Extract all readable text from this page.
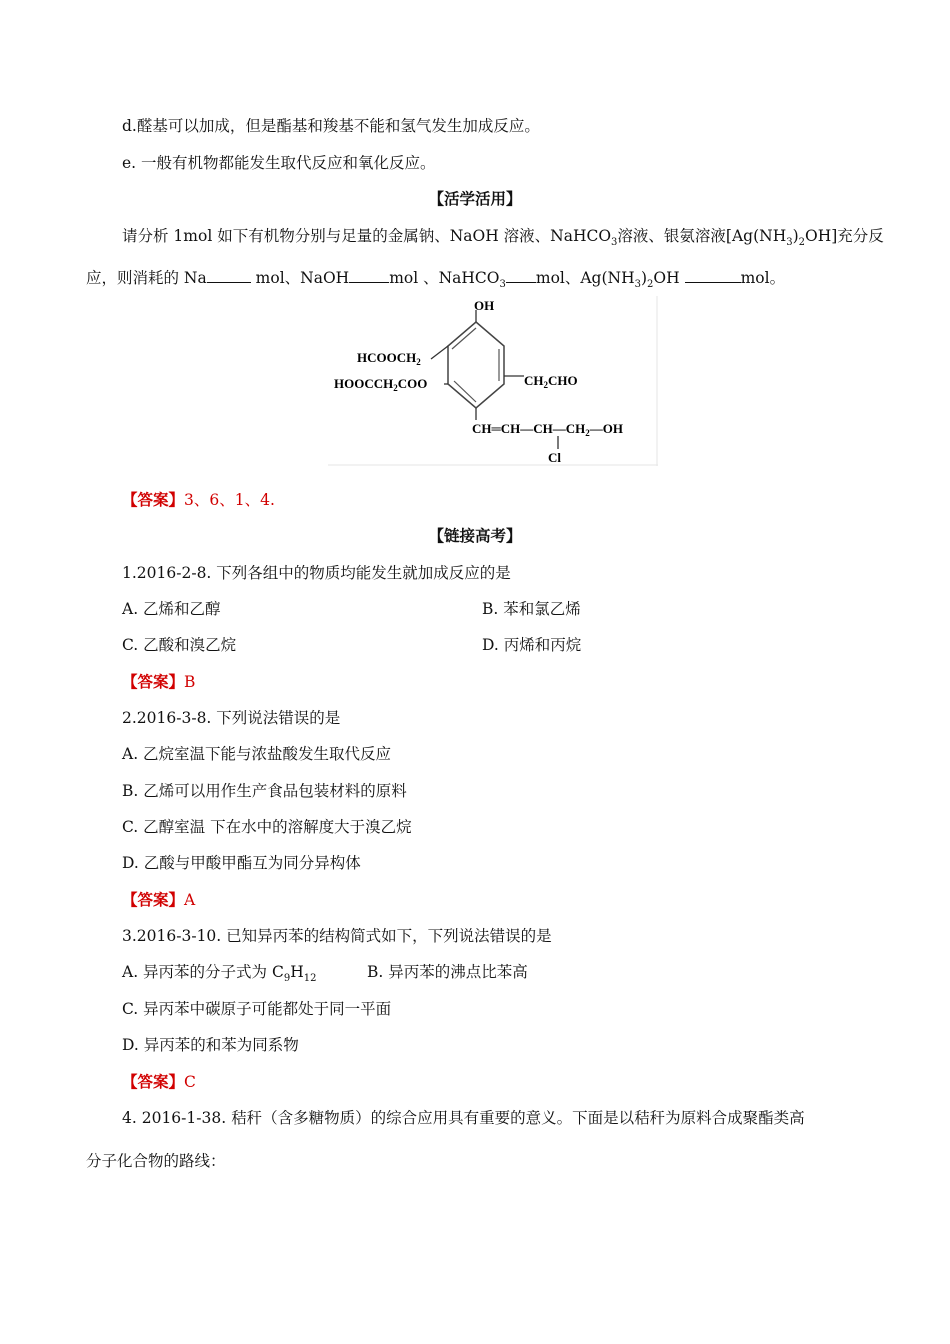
d.醛基可以加成，但是酯基和羧基不能和氢气发生加成反应。
e. 一般有机物都能发生取代反应和氧化反应。
【活学活用】
请分析 1mol 如下有机物分别与足量的金属钠、NaOH 溶液、NaHCO$_3$溶液、银氨溶液$[Ag(NH_3)_2OH]$充分反
应，则消耗的 Na	mol、NaOH	mol 、NaHCO$_3$ mol、$Ag(NH_3)_2OH$	mol。
OH
$HCOOCH_2$
$HOOCCH_2COO$	$CH_2CHO$
$CH═CH—CH—CH_2—OH$
Cl
【答案】3、6、1、4.
【链接高考】
1.2016-2-8. 下列各组中的物质均能发生就加成反应的是
A. 乙烯和乙醇	B. 苯和氯乙烯
C. 乙酸和溴乙烷	D. 丙烯和丙烷
【答案】B
2.2016-3-8. 下列说法错误的是
A. 乙烷室温下能与浓盐酸发生取代反应
B. 乙烯可以用作生产食品包装材料的原料
C. 乙醇室温 下在水中的溶解度大于溴乙烷
D. 乙酸与甲酸甲酯互为同分异构体
【答案】A
3.2016-3-10. 已知异丙苯的结构简式如下，下列说法错误的是
A. 异丙苯的分子式为 $C_9H_{12}$	B. 异丙苯的沸点比苯高
C. 异丙苯中碳原子可能都处于同一平面
D. 异丙苯的和苯为同系物
【答案】C
4. 2016-1-38. 秸秆（含多糖物质）的综合应用具有重要的意义。下面是以秸秆为原料合成聚酯类高
分子化合物的路线：
